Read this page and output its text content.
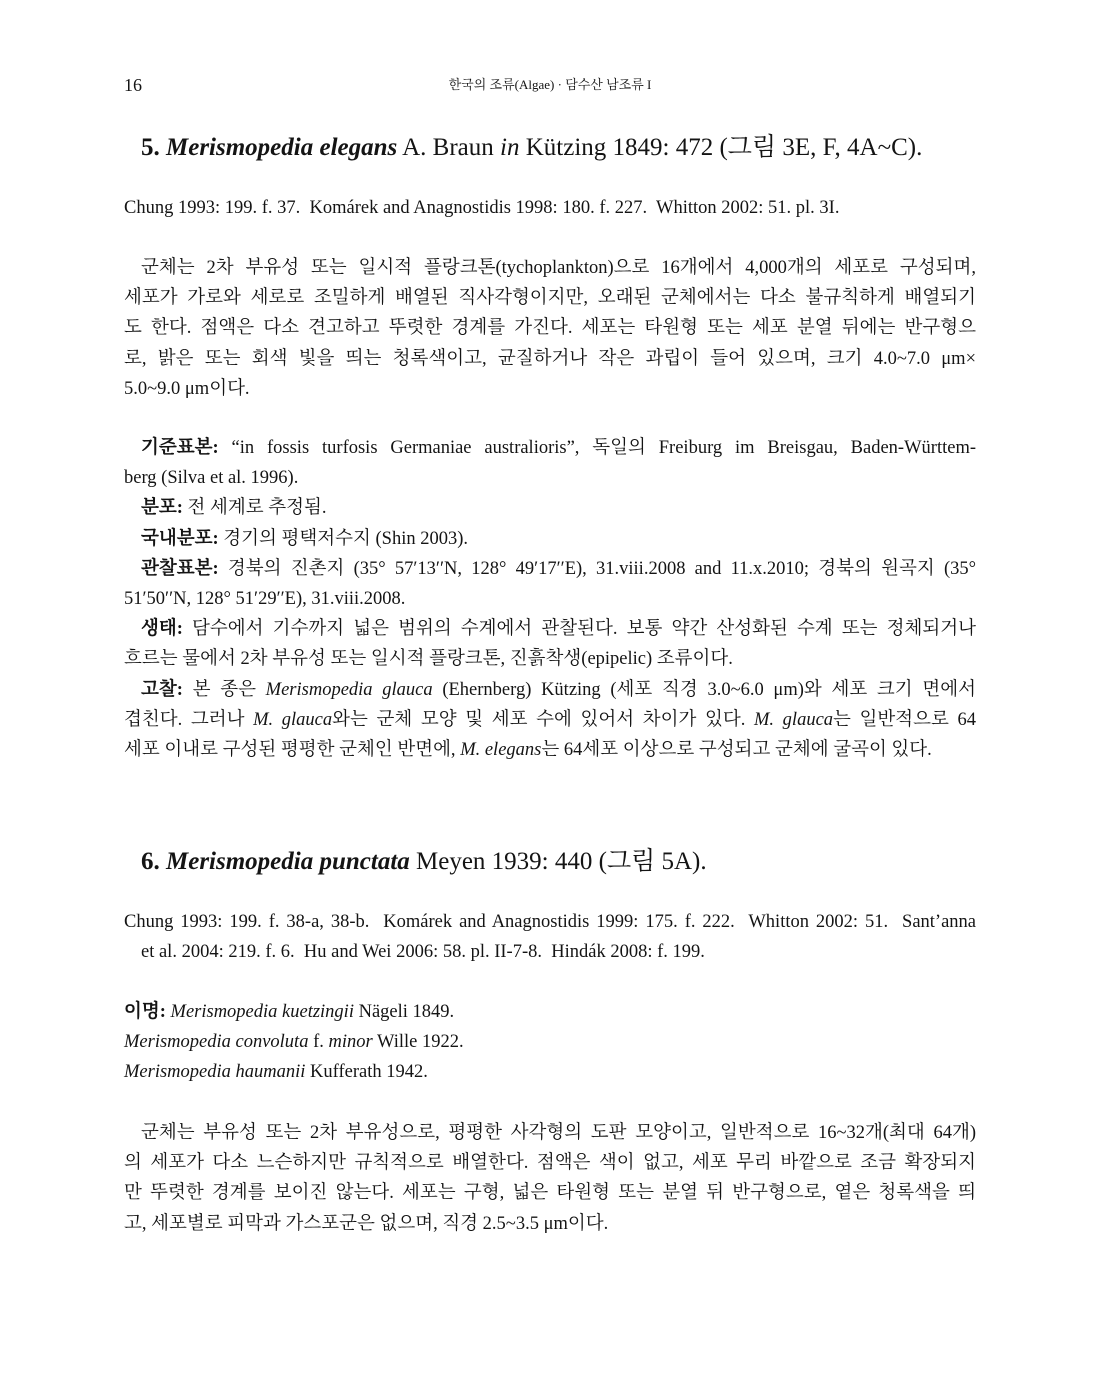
16	한국의 조류(Algae) · 담수산 남조류 I
5. Merismopedia elegans A. Braun in Kützing 1849: 472 (그림 3E, F, 4A~C).
Chung 1993: 199. f. 37.  Komárek and Anagnostidis 1998: 180. f. 227.  Whitton 2002: 51. pl. 3I.
군체는 2차 부유성 또는 일시적 플랑크톤(tychoplankton)으로 16개에서 4,000개의 세포로 구성되며,
세포가 가로와 세로로 조밀하게 배열된 직사각형이지만, 오래된 군체에서는 다소 불규칙하게 배열되기
도 한다. 점액은 다소 견고하고 뚜렷한 경계를 가진다. 세포는 타원형 또는 세포 분열 뒤에는 반구형으
로, 밝은 또는 회색 빛을 띄는 청록색이고, 균질하거나 작은 과립이 들어 있으며, 크기 4.0~7.0 μm×
5.0~9.0 μm이다.
기준표본: “in fossis turfosis Germaniae australioris”, 독일의 Freiburg im Breisgau, Baden-Württem-
berg (Silva et al. 1996).
분포: 전 세계로 추정됨.
국내분포: 경기의 평택저수지 (Shin 2003).
관찰표본: 경북의 진촌지 (35° 57′13′′N, 128° 49′17′′E), 31.viii.2008 and 11.x.2010; 경북의 원곡지 (35°
51′50′′N, 128° 51′29′′E), 31.viii.2008.
생태: 담수에서 기수까지 넓은 범위의 수계에서 관찰된다. 보통 약간 산성화된 수계 또는 정체되거나
흐르는 물에서 2차 부유성 또는 일시적 플랑크톤, 진흙착생(epipelic) 조류이다.
고찰: 본 종은 Merismopedia glauca (Ehernberg) Kützing (세포 직경 3.0~6.0 μm)와 세포 크기 면에서
겹친다. 그러나 M. glauca와는 군체 모양 및 세포 수에 있어서 차이가 있다. M. glauca는 일반적으로 64
세포 이내로 구성된 평평한 군체인 반면에, M. elegans는 64세포 이상으로 구성되고 군체에 굴곡이 있다.
6. Merismopedia punctata Meyen 1939: 440 (그림 5A).
Chung 1993: 199. f. 38-a, 38-b.  Komárek and Anagnostidis 1999: 175. f. 222.  Whitton 2002: 51.  Sant’anna
et al. 2004: 219. f. 6.  Hu and Wei 2006: 58. pl. II-7-8.  Hindák 2008: f. 199.
이명: Merismopedia kuetzingii Nägeli 1849.
Merismopedia convoluta f. minor Wille 1922.
Merismopedia haumanii Kufferath 1942.
군체는 부유성 또는 2차 부유성으로, 평평한 사각형의 도판 모양이고, 일반적으로 16~32개(최대 64개)
의 세포가 다소 느슨하지만 규칙적으로 배열한다. 점액은 색이 없고, 세포 무리 바깥으로 조금 확장되지
만 뚜렷한 경계를 보이진 않는다. 세포는 구형, 넓은 타원형 또는 분열 뒤 반구형으로, 옅은 청록색을 띄
고, 세포별로 피막과 가스포군은 없으며, 직경 2.5~3.5 μm이다.
